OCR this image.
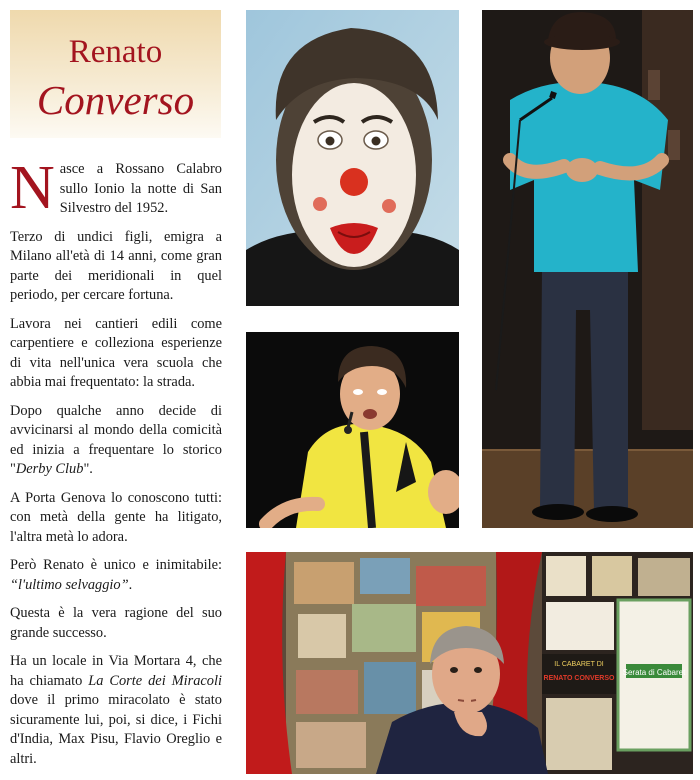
Renato
Converso

Nasce a Rossano Calabro sullo Ionio la notte di San Silvestro del 1952.

Terzo di undici figli, emigra a Milano all'età di 14 anni, come gran parte dei meridionali in quel periodo, per cercare fortuna.

Lavora nei cantieri edili come carpentiere e colleziona esperienze di vita nell'unica vera scuola che abbia mai frequentato: la strada.

Dopo qualche anno decide di avvicinarsi al mondo della comicità ed inizia a frequentare lo storico "Derby Club".

A Porta Genova lo conoscono tutti: con metà della gente ha litigato, l'altra metà lo adora.

Però Renato è unico e inimitabile: “l'ultimo selvaggio”.

Questa è la vera ragione del suo grande successo.

Ha un locale in Via Mortara 4, che ha chiamato La Corte dei Miracoli dove il primo miracolato è stato sicuramente lui, poi, si dice, i Fichi d'India, Max Pisu, Flavio Oreglio e altri.

Serata di Cabaret
IL CABARET DI
RENATO CONVERSO
